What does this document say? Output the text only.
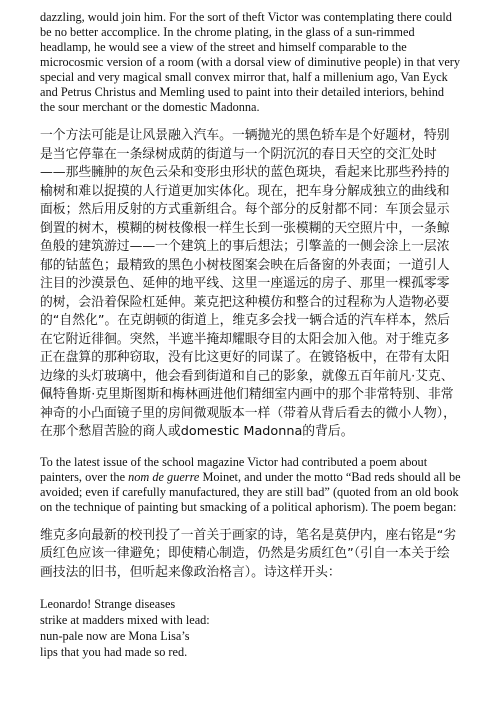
dazzling, would join him. For the sort of theft Victor was contemplating there could be no better accomplice. In the chrome plating, in the glass of a sun-rimmed headlamp, he would see a view of the street and himself comparable to the microcosmic version of a room (with a dorsal view of diminutive people) in that very special and very magical small convex mirror that, half a millenium ago, Van Eyck and Petrus Christus and Memling used to paint into their detailed interiors, behind the sour merchant or the domestic Madonna.

一个方法可能是让风景融入汽车。一辆抛光的黑色轿车是个好题材，特别是当它停靠在一条绿树成荫的街道与一个阴沉沉的春日天空的交汇处时——那些臃肿的灰色云朵和变形虫形状的蓝色斑块，看起来比那些矜持的榆树和难以捉摸的人行道更加实体化。现在，把车身分解成独立的曲线和面板；然后用反射的方式重新组合。每个部分的反射都不同：车顶会显示倒置的树木，模糊的树枝像根一样生长到一张模糊的天空照片中，一条鲸鱼般的建筑游过——一个建筑上的事后想法；引擎盖的一侧会涂上一层浓郁的钴蓝色；最精致的黑色小树枝图案会映在后备窗的外表面；一道引人注目的沙漠景色、延伸的地平线、这里一座遥远的房子、那里一棵孤零零的树，会沿着保险杠延伸。莱克把这种模仿和整合的过程称为人造物必要的“自然化”。在克朗顿的街道上，维克多会找一辆合适的汽车样本，然后在它附近徘徊。突然，半遮半掩却耀眼夺目的太阳会加入他。对于维克多正在盘算的那种窃取，没有比这更好的同谋了。在镀铬板中，在带有太阳边缘的头灯玻璃中，他会看到街道和自己的影象，就像五百年前凡·艾克、佩特鲁斯·克里斯图斯和梅林画进他们精细室内画中的那个非常特别、非常神奇的小凸面镜子里的房间微观版本一样（带着从背后看去的微小人物），在那个愁眉苦脸的商人或domestic Madonna的背后。

To the latest issue of the school magazine Victor had contributed a poem about painters, over the nom de guerre Moinet, and under the motto “Bad reds should all be avoided; even if carefully manufactured, they are still bad” (quoted from an old book on the technique of painting but smacking of a political aphorism). The poem began:

维克多向最新的校刊投了一首关于画家的诗，笔名是莫伊内，座右铭是“劣质红色应该一律避免；即使精心制造，仍然是劣质红色”（引自一本关于绘画技法的旧书，但听起来像政治格言）。诗这样开头：

Leonardo! Strange diseases
strike at madders mixed with lead:
nun-pale now are Mona Lisa’s
lips that you had made so red.
